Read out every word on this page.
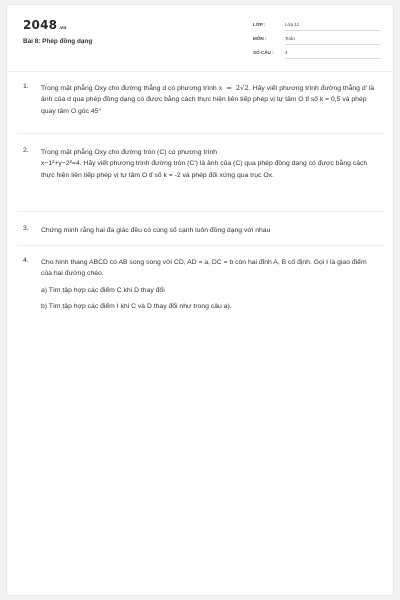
2048.vn
Bài 8: Phép đồng dạng
LỚP :	Lớp 11
MÔN :	Toán
SỐ CÂU : 4
1. Trong mặt phẳng Oxy cho đường thẳng d có phương trình x = 2√2. Hãy viết phương trình đường thẳng d' là ảnh của d qua phép đồng dạng có được bằng cách thực hiện liên tiếp phép vị tự tâm O tỉ số k = 0,5 và phép quay tâm O góc 45°
2. Trong mặt phẳng Oxy cho đường tròn (C) có phương trình
x−1²+y−2²=4. Hãy viết phương trình đường tròn (C') là ảnh của (C) qua phép đồng dạng có được bằng cách thực hiện liên tiếp phép vị tự tâm O tỉ số k = -2 và phép đối xứng qua trục Ox.
3. Chứng minh rằng hai đa giác đều có cùng số cạnh luôn đồng dạng với nhau
4. Cho hình thang ABCD có AB song song với CD, AD = a, DC = b còn hai đỉnh A, B cố định. Gọi I là giao điểm của hai đường chéo.
a) Tìm tập hợp các điểm C khi D thay đổi
b) Tìm tập hợp các điểm I khi C và D thay đổi như trong câu a).
